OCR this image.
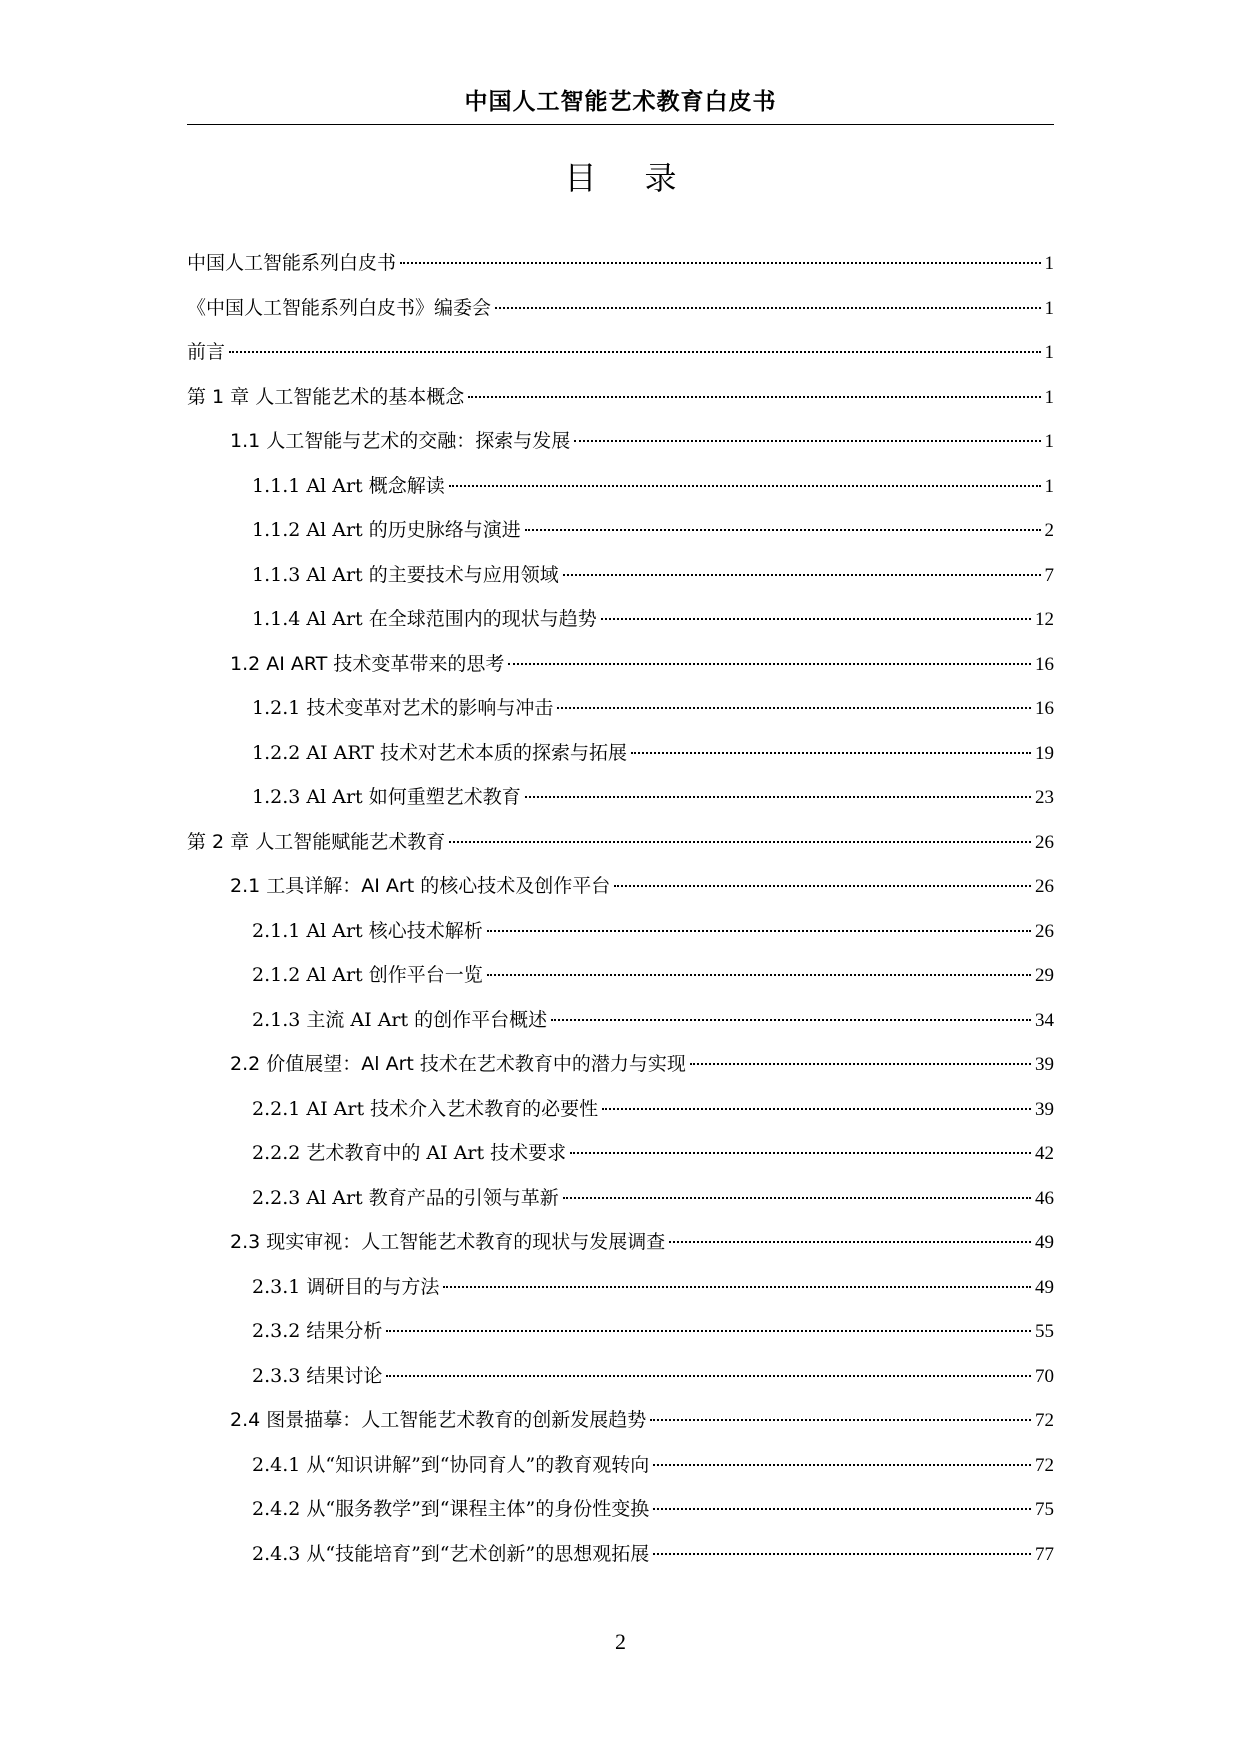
中国人工智能艺术教育白皮书
目 录
中国人工智能系列白皮书	1
《中国人工智能系列白皮书》编委会	1
前言	1
第 1 章 人工智能艺术的基本概念	1
1.1 人工智能与艺术的交融：探索与发展	1
1.1.1 Al Art 概念解读	1
1.1.2 Al Art 的历史脉络与演进	2
1.1.3 Al Art 的主要技术与应用领域	7
1.1.4 Al Art 在全球范围内的现状与趋势	12
1.2 AI ART 技术变革带来的思考	16
1.2.1 技术变革对艺术的影响与冲击	16
1.2.2 AI ART 技术对艺术本质的探索与拓展	19
1.2.3 Al Art 如何重塑艺术教育	23
第 2 章 人工智能赋能艺术教育	26
2.1 工具详解：AI Art 的核心技术及创作平台	26
2.1.1 Al Art 核心技术解析	26
2.1.2 Al Art 创作平台一览	29
2.1.3 主流 AI Art 的创作平台概述	34
2.2 价值展望：Al Art 技术在艺术教育中的潜力与实现	39
2.2.1 AI Art 技术介入艺术教育的必要性	39
2.2.2 艺术教育中的 AI Art 技术要求	42
2.2.3 Al Art 教育产品的引领与革新	46
2.3 现实审视：人工智能艺术教育的现状与发展调查	49
2.3.1 调研目的与方法	49
2.3.2 结果分析	55
2.3.3 结果讨论	70
2.4 图景描摹：人工智能艺术教育的创新发展趋势	72
2.4.1 从“知识讲解”到“协同育人”的教育观转向	72
2.4.2 从“服务教学”到“课程主体”的身份性变换	75
2.4.3 从“技能培育”到“艺术创新”的思想观拓展	77
2
